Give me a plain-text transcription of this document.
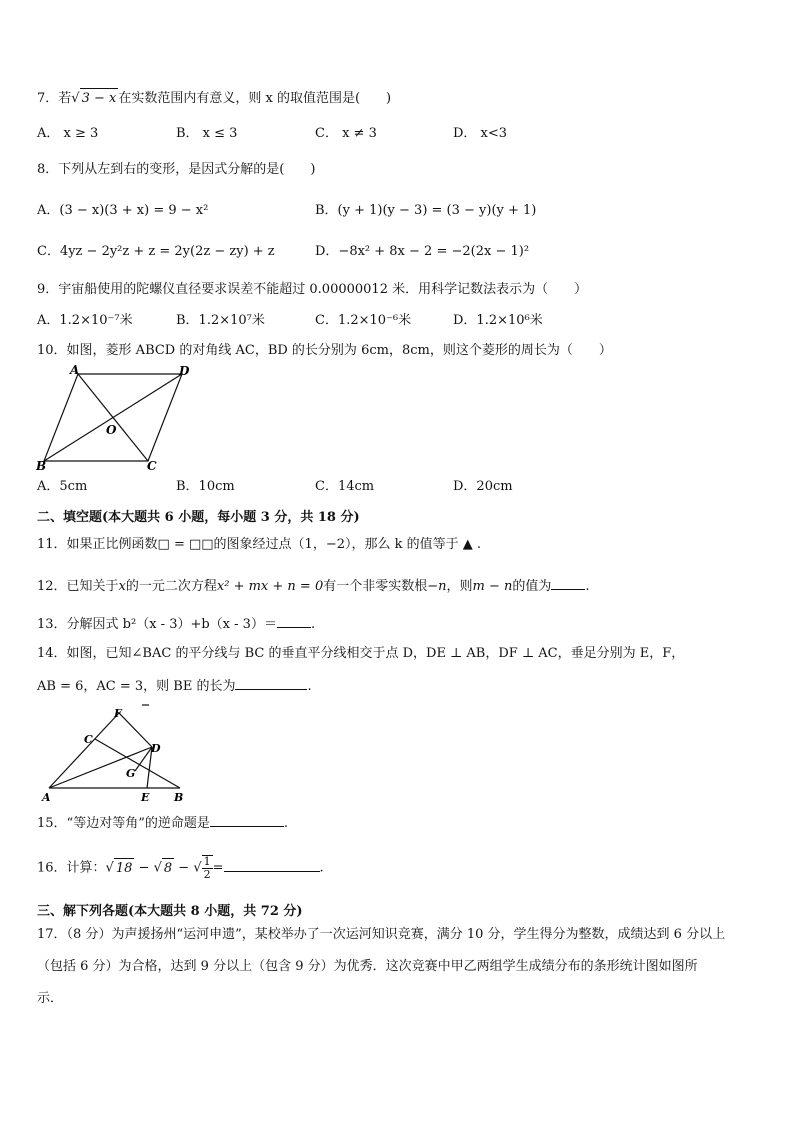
7．若√ 3 − x 在实数范围内有意义，则 x 的取值范围是(　　)
A． x ≥ 3	B． x ≤ 3	C． x ≠ 3	D． x<3
8．下列从左到右的变形，是因式分解的是(　　)
A．(3 − x)(3 + x) = 9 − x²	B．(y + 1)(y − 3) = (3 − y)(y + 1)
C．4yz − 2y²z + z = 2y(2z − zy) + z	D．−8x² + 8x − 2 = −2(2x − 1)²
9．宇宙船使用的陀螺仪直径要求误差不能超过 0.00000012 米．用科学记数法表示为（　　）
A．1.2×10⁻⁷米	B．1.2×10⁷米	C．1.2×10⁻⁶米	D．1.2×10⁶米
10．如图，菱形 ABCD 的对角线 AC，BD 的长分别为 6cm，8cm，则这个菱形的周长为（　　）
A	D
O
B	C
A．5cm	B．10cm	C．14cm	D．20cm
二、填空题(本大题共 6 小题，每小题 3 分，共 18 分)
11．如果正比例函数□ = □□的图象经过点（1，−2），那么 k 的值等于 ▲ .
12．已知关于x的一元二次方程x² + mx + n = 0有一个非零实数根−n，则m − n的值为	.
13．分解因式 b²（x - 3）+b（x - 3）＝	.
14．如图，已知∠BAC 的平分线与 BC 的垂直平分线相交于点 D，DE ⊥ AB，DF ⊥ AC，垂足分别为 E，F，
AB = 6，AC = 3，则 BE 的长为	.
F
C
D
G
A	E B
15．“等边对等角”的逆命题是	.
16．计算：√ 18 − √ 8 − √ $\frac{1}{2}$ =	.
三、解下列各题(本大题共 8 小题，共 72 分)
17．（8 分）为声援扬州“运河申遗”，某校举办了一次运河知识竞赛，满分 10 分，学生得分为整数，成绩达到 6 分以上
（包括 6 分）为合格，达到 9 分以上（包含 9 分）为优秀．这次竞赛中甲乙两组学生成绩分布的条形统计图如图所
示．
